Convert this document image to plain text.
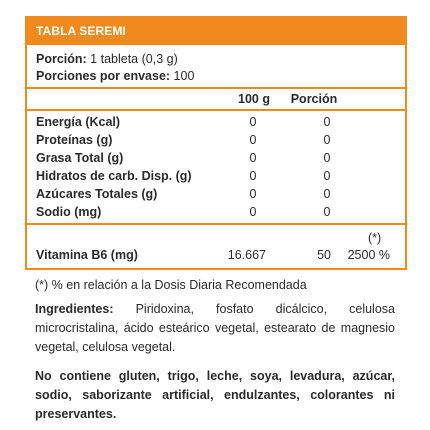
TABLA SEREMI
Porción: 1 tableta (0,3 g)
Porciones por envase: 100
100 g	Porción
Energía (Kcal)	0	0
Proteínas (g)	0	0
Grasa Total (g)	0	0
Hidratos de carb. Disp. (g)	0	0
Azúcares Totales (g)	0	0
Sodio (mg)	0	0
(*)
Vitamina B6 (mg)	16.667	50	2500 %
(*) % en relación a la Dosis Diaria Recomendada
Ingredientes: Piridoxina, fosfato dicálcico, celulosa microcristalina, ácido esteárico vegetal, estearato de magnesio vegetal, celulosa vegetal.
No contiene gluten, trigo, leche, soya, levadura, azúcar, sodio, saborizante artificial, endulzantes, colorantes ni preservantes.
